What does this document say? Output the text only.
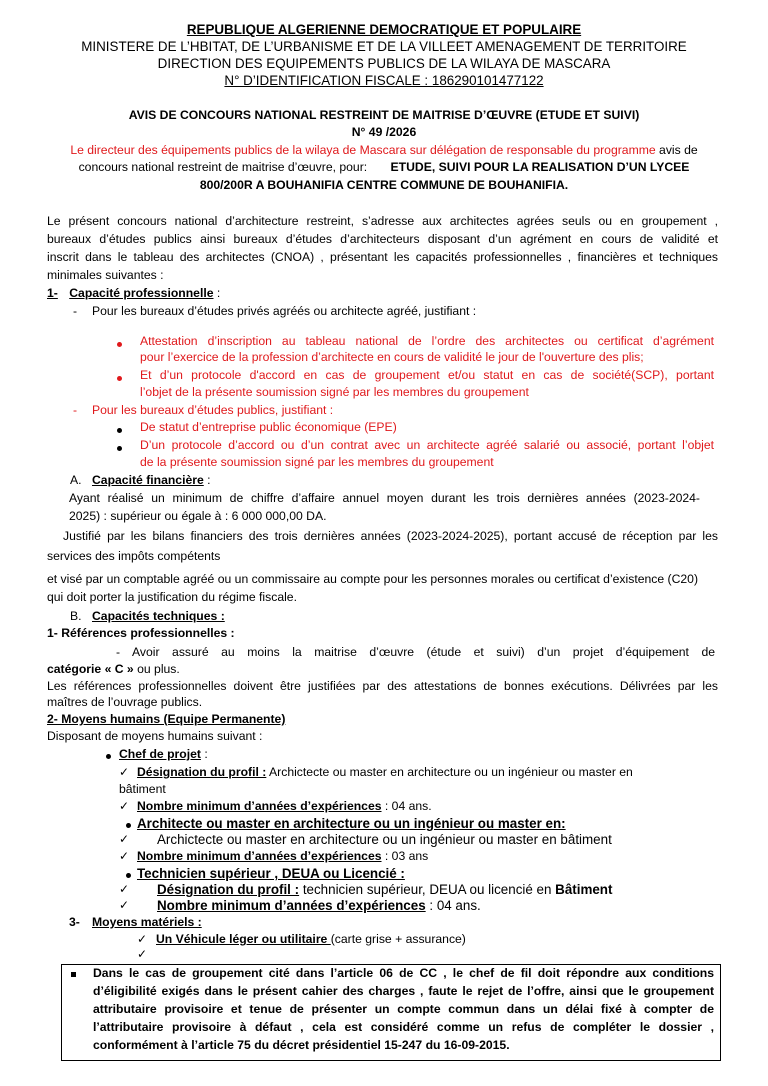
REPUBLIQUE ALGERIENNE DEMOCRATIQUE ET POPULAIRE
MINISTERE DE L’HBITAT, DE L’URBANISME ET DE LA VILLEET AMENAGEMENT DE TERRITOIRE
DIRECTION DES EQUIPEMENTS PUBLICS DE LA WILAYA DE MASCARA
N° D’IDENTIFICATION FISCALE : 186290101477122
AVIS DE CONCOURS NATIONAL RESTREINT DE MAITRISE D’ŒUVRE (ETUDE ET SUIVI)
N° 49 /2026
Le directeur des équipements publics de la wilaya de Mascara sur délégation de responsable du programme avis de
concours national restreint de maitrise d’œuvre, pour: ETUDE, SUIVI POUR LA REALISATION D’UN LYCEE
800/200R A BOUHANIFIA CENTRE COMMUNE DE BOUHANIFIA.
Le présent concours national d’architecture restreint, s’adresse aux architectes agrées seuls ou en groupement ,
bureaux d’études publics ainsi bureaux d’études d’architecteurs disposant d’un agrément en cours de validité et
inscrit dans le tableau des architectes (CNOA) , présentant les capacités professionnelles , financières et techniques
minimales suivantes :
1- Capacité professionnelle :
- Pour les bureaux d’études privés agréés ou architecte agréé, justifiant :
Attestation d’inscription au tableau national de l’ordre des architectes ou certificat d’agrément
pour l’exercice de la profession d’architecte en cours de validité le jour de l'ouverture des plis;
Et d’un protocole d'accord en cas de groupement et/ou statut en cas de société(SCP), portant
l’objet de la présente soumission signé par les membres du groupement
- Pour les bureaux d’études publics, justifiant :
De statut d’entreprise public économique (EPE)
D’un protocole d’accord ou d’un contrat avec un architecte agréé salarié ou associé, portant l’objet
de la présente soumission signé par les membres du groupement
A. Capacité financière :
Ayant réalisé un minimum de chiffre d’affaire annuel moyen durant les trois dernières années (2023-2024-
2025) : supérieur ou égale à : 6 000 000,00 DA.
Justifié par les bilans financiers des trois dernières années (2023-2024-2025), portant accusé de réception par les
services des impôts compétents
et visé par un comptable agréé ou un commissaire au compte pour les personnes morales ou certificat d’existence (C20)
qui doit porter la justification du régime fiscale.
B. Capacités techniques :
1- Références professionnelles :
- Avoir assuré au moins la maitrise d’œuvre (étude et suivi) d’un projet d’équipement de
catégorie « C » ou plus.
Les références professionnelles doivent être justifiées par des attestations de bonnes exécutions. Délivrées par les
maîtres de l’ouvrage publics.
2- Moyens humains (Equipe Permanente)
Disposant de moyens humains suivant :
Chef de projet :
✓ Désignation du profil : Archictecte ou master en architecture ou un ingénieur ou master en
bâtiment
✓ Nombre minimum d’années d’expériences : 04 ans.
Architecte ou master en architecture ou un ingénieur ou master en:
✓ Archictecte ou master en architecture ou un ingénieur ou master en bâtiment
✓ Nombre minimum d’années d’expériences : 03 ans
Technicien supérieur , DEUA ou Licencié :
✓ Désignation du profil : technicien supérieur, DEUA ou licencié en Bâtiment
✓ Nombre minimum d’années d’expériences : 04 ans.
3- Moyens matériels :
✓ Un Véhicule léger ou utilitaire (carte grise + assurance)
✓
Dans le cas de groupement cité dans l’article 06 de CC , le chef de fil doit répondre aux conditions
d’éligibilité exigés dans le présent cahier des charges , faute le rejet de l’offre, ainsi que le groupement
attributaire provisoire et tenue de présenter un compte commun dans un délai fixé à compter de
l’attributaire provisoire à défaut , cela est considéré comme un refus de compléter le dossier ,
conformément à l’article 75 du décret présidentiel 15-247 du 16-09-2015.
